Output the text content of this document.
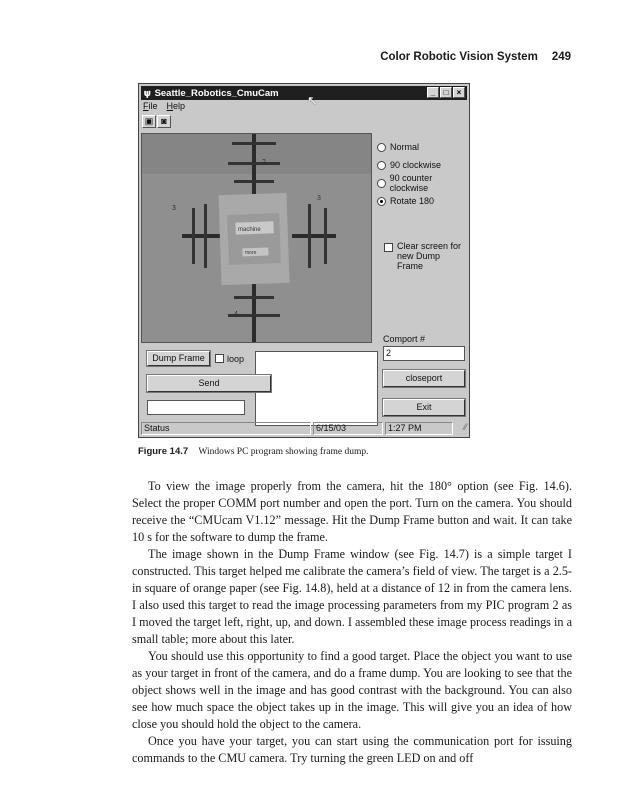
Color Robotic Vision System 249
𝛙 Seattle_Robotics_CmuCam	_	□	×
↖
File Help
▣ ◙
machine
more
2
3
3
4
Normal
90 clockwise
90 counter clockwise
Rotate 180
Clear screen for new Dump Frame
Comport #
2
Dump Frame	loop
Send	closeport
Exit
Status	6/15/03	1:27 PM	⁄⁄
Figure 14.7 Windows PC program showing frame dump.

To view the image properly from the camera, hit the 180° option (see Fig. 14.6). Select the proper COMM port number and open the port. Turn on the camera. You should receive the “CMUcam V1.12” message. Hit the Dump Frame button and wait. It can take 10 s for the software to dump the frame.

The image shown in the Dump Frame window (see Fig. 14.7) is a simple target I constructed. This target helped me calibrate the camera’s field of view. The target is a 2.5-in square of orange paper (see Fig. 14.8), held at a distance of 12 in from the camera lens. I also used this target to read the image processing parameters from my PIC program 2 as I moved the target left, right, up, and down. I assembled these image process readings in a small table; more about this later.

You should use this opportunity to find a good target. Place the object you want to use as your target in front of the camera, and do a frame dump. You are looking to see that the object shows well in the image and has good contrast with the background. You can also see how much space the object takes up in the image. This will give you an idea of how close you should hold the object to the camera.

Once you have your target, you can start using the communication port for issuing commands to the CMU camera. Try turning the green LED on and off
